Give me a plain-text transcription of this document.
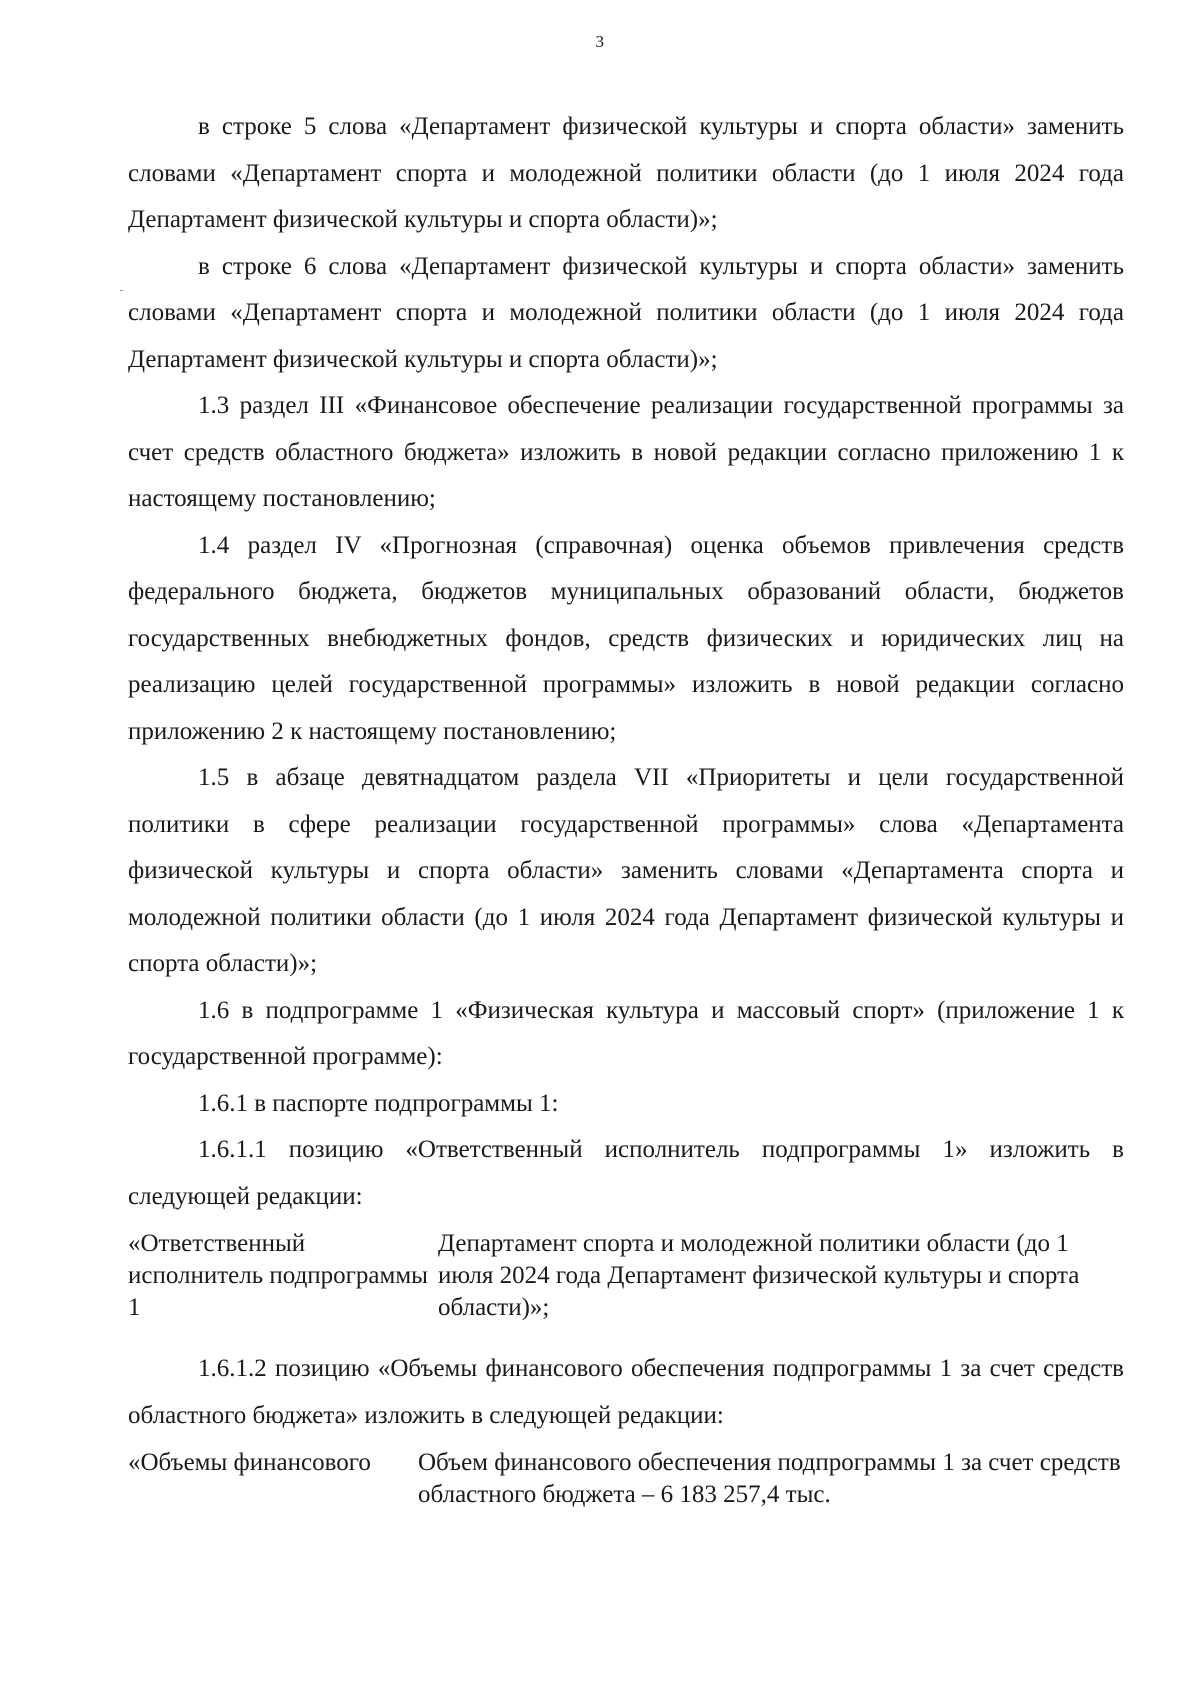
3

в строке 5 слова «Департамент физической культуры и спорта области» заменить словами «Департамент спорта и молодежной политики области (до 1 июля 2024 года Департамент физической культуры и спорта области)»;

в строке 6 слова «Департамент физической культуры и спорта области» заменить словами «Департамент спорта и молодежной политики области (до 1 июля 2024 года Департамент физической культуры и спорта области)»;

1.3 раздел III «Финансовое обеспечение реализации государственной программы за счет средств областного бюджета» изложить в новой редакции согласно приложению 1 к настоящему постановлению;

1.4 раздел IV «Прогнозная (справочная) оценка объемов привлечения средств федерального бюджета, бюджетов муниципальных образований области, бюджетов государственных внебюджетных фондов, средств физических и юридических лиц на реализацию целей государственной программы» изложить в новой редакции согласно приложению 2 к настоящему постановлению;

1.5 в абзаце девятнадцатом раздела VII «Приоритеты и цели государственной политики в сфере реализации государственной программы» слова «Департамента физической культуры и спорта области» заменить словами «Департамента спорта и молодежной политики области (до 1 июля 2024 года Департамент физической культуры и спорта области)»;

1.6 в подпрограмме 1 «Физическая культура и массовый спорт» (приложение 1 к государственной программе):

1.6.1 в паспорте подпрограммы 1:

1.6.1.1 позицию «Ответственный исполнитель подпрограммы 1» изложить в следующей редакции:

«Ответственный исполнитель подпрограммы 1
Департамент спорта и молодежной политики области (до 1 июля 2024 года Департамент физической культуры и спорта области)»;

1.6.1.2 позицию «Объемы финансового обеспечения подпрограммы 1 за счет средств областного бюджета» изложить в следующей редакции:

«Объемы финансового	Объем финансового обеспечения подпрограммы 1 за счет средств областного бюджета – 6 183 257,4 тыс.
